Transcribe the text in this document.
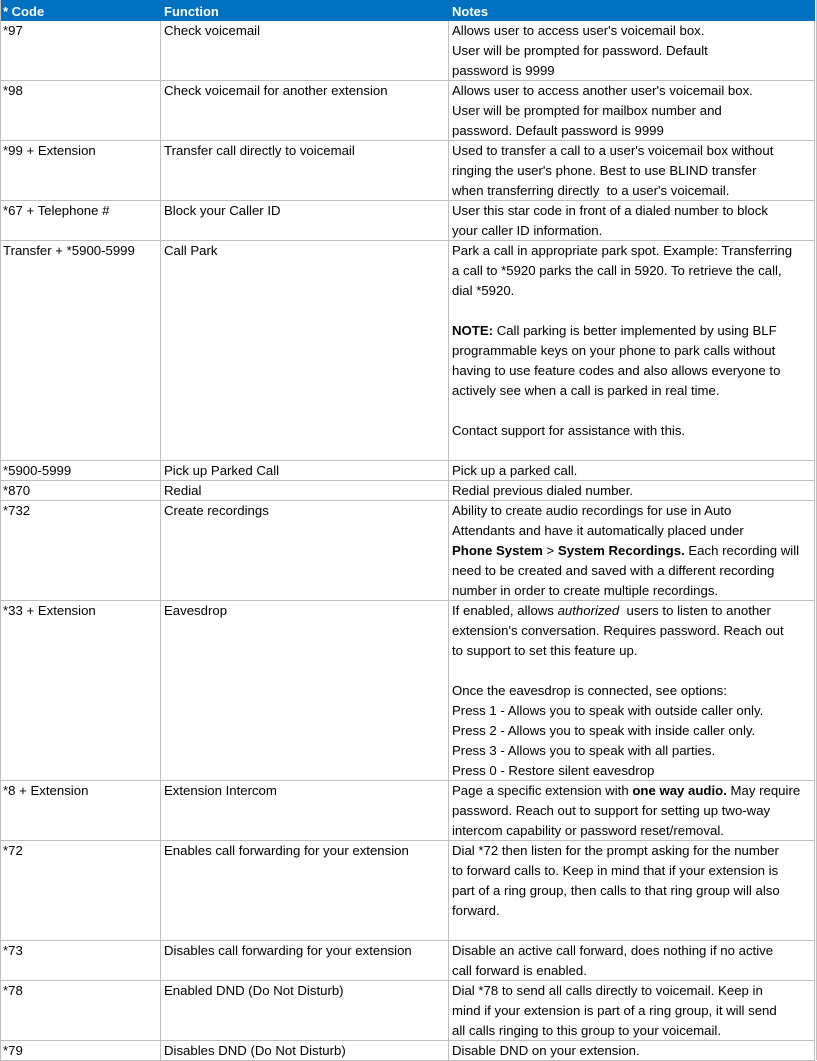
* Code	Function	Notes
*97	Check voicemail	Allows user to access user's voicemail box.
User will be prompted for password. Default
password is 9999
*98	Check voicemail for another extension	Allows user to access another user's voicemail box.
User will be prompted for mailbox number and
password. Default password is 9999
*99 + Extension	Transfer call directly to voicemail	Used to transfer a call to a user's voicemail box without
ringing the user's phone. Best to use BLIND transfer
when transferring directly  to a user's voicemail.
*67 + Telephone #	Block your Caller ID	User this star code in front of a dialed number to block
your caller ID information.
Transfer + *5900-5999	Call Park	Park a call in appropriate park spot. Example: Transferring
a call to *5920 parks the call in 5920. To retrieve the call,
dial *5920.
NOTE: Call parking is better implemented by using BLF
programmable keys on your phone to park calls without
having to use feature codes and also allows everyone to
actively see when a call is parked in real time.
Contact support for assistance with this.
*5900-5999	Pick up Parked Call	Pick up a parked call.
*870	Redial	Redial previous dialed number.
*732	Create recordings	Ability to create audio recordings for use in Auto
Attendants and have it automatically placed under
Phone System > System Recordings. Each recording will
need to be created and saved with a different recording
number in order to create multiple recordings.
*33 + Extension	Eavesdrop	If enabled, allows authorized  users to listen to another
extension's conversation. Requires password. Reach out
to support to set this feature up.
Once the eavesdrop is connected, see options:
Press 1 - Allows you to speak with outside caller only.
Press 2 - Allows you to speak with inside caller only.
Press 3 - Allows you to speak with all parties.
Press 0 - Restore silent eavesdrop
*8 + Extension	Extension Intercom	Page a specific extension with one way audio. May require
password. Reach out to support for setting up two-way
intercom capability or password reset/removal.
*72	Enables call forwarding for your extension	Dial *72 then listen for the prompt asking for the number
to forward calls to. Keep in mind that if your extension is
part of a ring group, then calls to that ring group will also
forward.
*73	Disables call forwarding for your extension	Disable an active call forward, does nothing if no active
call forward is enabled.
*78	Enabled DND (Do Not Disturb)	Dial *78 to send all calls directly to voicemail. Keep in
mind if your extension is part of a ring group, it will send
all calls ringing to this group to your voicemail.
*79	Disables DND (Do Not Disturb)	Disable DND on your extension.
